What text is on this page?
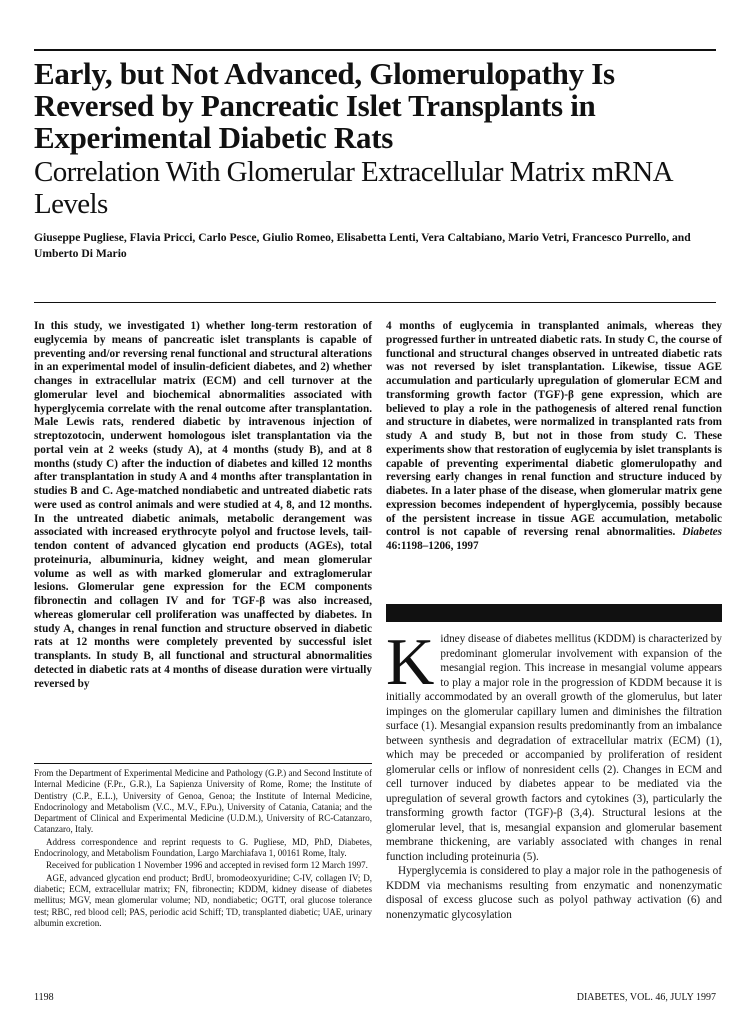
Early, but Not Advanced, Glomerulopathy Is Reversed by Pancreatic Islet Transplants in Experimental Diabetic Rats
Correlation With Glomerular Extracellular Matrix mRNA Levels

Giuseppe Pugliese, Flavia Pricci, Carlo Pesce, Giulio Romeo, Elisabetta Lenti, Vera Caltabiano, Mario Vetri, Francesco Purrello, and Umberto Di Mario

In this study, we investigated 1) whether long-term restoration of euglycemia by means of pancreatic islet transplants is capable of preventing and/or reversing renal functional and structural alterations in an experimental model of insulin-deficient diabetes, and 2) whether changes in extracellular matrix (ECM) and cell turnover at the glomerular level and biochemical abnormalities associated with hyperglycemia correlate with the renal outcome after transplantation. Male Lewis rats, rendered diabetic by intravenous injection of streptozotocin, underwent homologous islet transplantation via the portal vein at 2 weeks (study A), at 4 months (study B), and at 8 months (study C) after the induction of diabetes and killed 12 months after transplantation in study A and 4 months after transplantation in studies B and C. Age-matched nondiabetic and untreated diabetic rats were used as control animals and were studied at 4, 8, and 12 months. In the untreated diabetic animals, metabolic derangement was associated with increased erythrocyte polyol and fructose levels, tail-tendon content of advanced glycation end products (AGEs), total proteinuria, albuminuria, kidney weight, and mean glomerular volume as well as with marked glomerular and extraglomerular lesions. Glomerular gene expression for the ECM components fibronectin and collagen IV and for TGF-β was also increased, whereas glomerular cell proliferation was unaffected by diabetes. In study A, changes in renal function and structure observed in diabetic rats at 12 months were completely prevented by successful islet transplants. In study B, all functional and structural abnormalities detected in diabetic rats at 4 months of disease duration were virtually reversed by

4 months of euglycemia in transplanted animals, whereas they progressed further in untreated diabetic rats. In study C, the course of functional and structural changes observed in untreated diabetic rats was not reversed by islet transplantation. Likewise, tissue AGE accumulation and particularly upregulation of glomerular ECM and transforming growth factor (TGF)-β gene expression, which are believed to play a role in the pathogenesis of altered renal function and structure in diabetes, were normalized in transplanted rats from study A and study B, but not in those from study C. These experiments show that restoration of euglycemia by islet transplants is capable of preventing experimental diabetic glomerulopathy and reversing early changes in renal function and structure induced by diabetes. In a later phase of the disease, when glomerular matrix gene expression becomes independent of hyperglycemia, possibly because of the persistent increase in tissue AGE accumulation, metabolic control is not capable of reversing renal abnormalities. Diabetes 46:1198–1206, 1997

Kidney disease of diabetes mellitus (KDDM) is characterized by predominant glomerular involvement with expansion of the mesangial region. This increase in mesangial volume appears to play a major role in the progression of KDDM because it is initially accommodated by an overall growth of the glomerulus, but later impinges on the glomerular capillary lumen and diminishes the filtration surface (1). Mesangial expansion results predominantly from an imbalance between synthesis and degradation of extracellular matrix (ECM) (1), which may be preceded or accompanied by proliferation of resident glomerular cells or inflow of nonresident cells (2). Changes in ECM and cell turnover induced by diabetes appear to be mediated via the upregulation of several growth factors and cytokines (3), particularly the transforming growth factor (TGF)-β (3,4). Structural lesions at the glomerular level, that is, mesangial expansion and glomerular basement membrane thickening, are variably associated with changes in renal function including proteinuria (5).

Hyperglycemia is considered to play a major role in the pathogenesis of KDDM via mechanisms resulting from enzymatic and nonenzymatic disposal of excess glucose such as polyol pathway activation (6) and nonenzymatic glycosylation

From the Department of Experimental Medicine and Pathology (G.P.) and Second Institute of Internal Medicine (F.Pr., G.R.), La Sapienza University of Rome, Rome; the Institute of Dentistry (C.P., E.L.), University of Genoa, Genoa; the Institute of Internal Medicine, Endocrinology and Metabolism (V.C., M.V., F.Pu.), University of Catania, Catania; and the Department of Clinical and Experimental Medicine (U.D.M.), University of RC-Catanzaro, Catanzaro, Italy.

Address correspondence and reprint requests to G. Pugliese, MD, PhD, Diabetes, Endocrinology, and Metabolism Foundation, Largo Marchiafava 1, 00161 Rome, Italy.

Received for publication 1 November 1996 and accepted in revised form 12 March 1997.

AGE, advanced glycation end product; BrdU, bromodeoxyuridine; C-IV, collagen IV; D, diabetic; ECM, extracellular matrix; FN, fibronectin; KDDM, kidney disease of diabetes mellitus; MGV, mean glomerular volume; ND, nondiabetic; OGTT, oral glucose tolerance test; RBC, red blood cell; PAS, periodic acid Schiff; TD, transplanted diabetic; UAE, urinary albumin excretion.

1198	DIABETES, VOL. 46, JULY 1997
